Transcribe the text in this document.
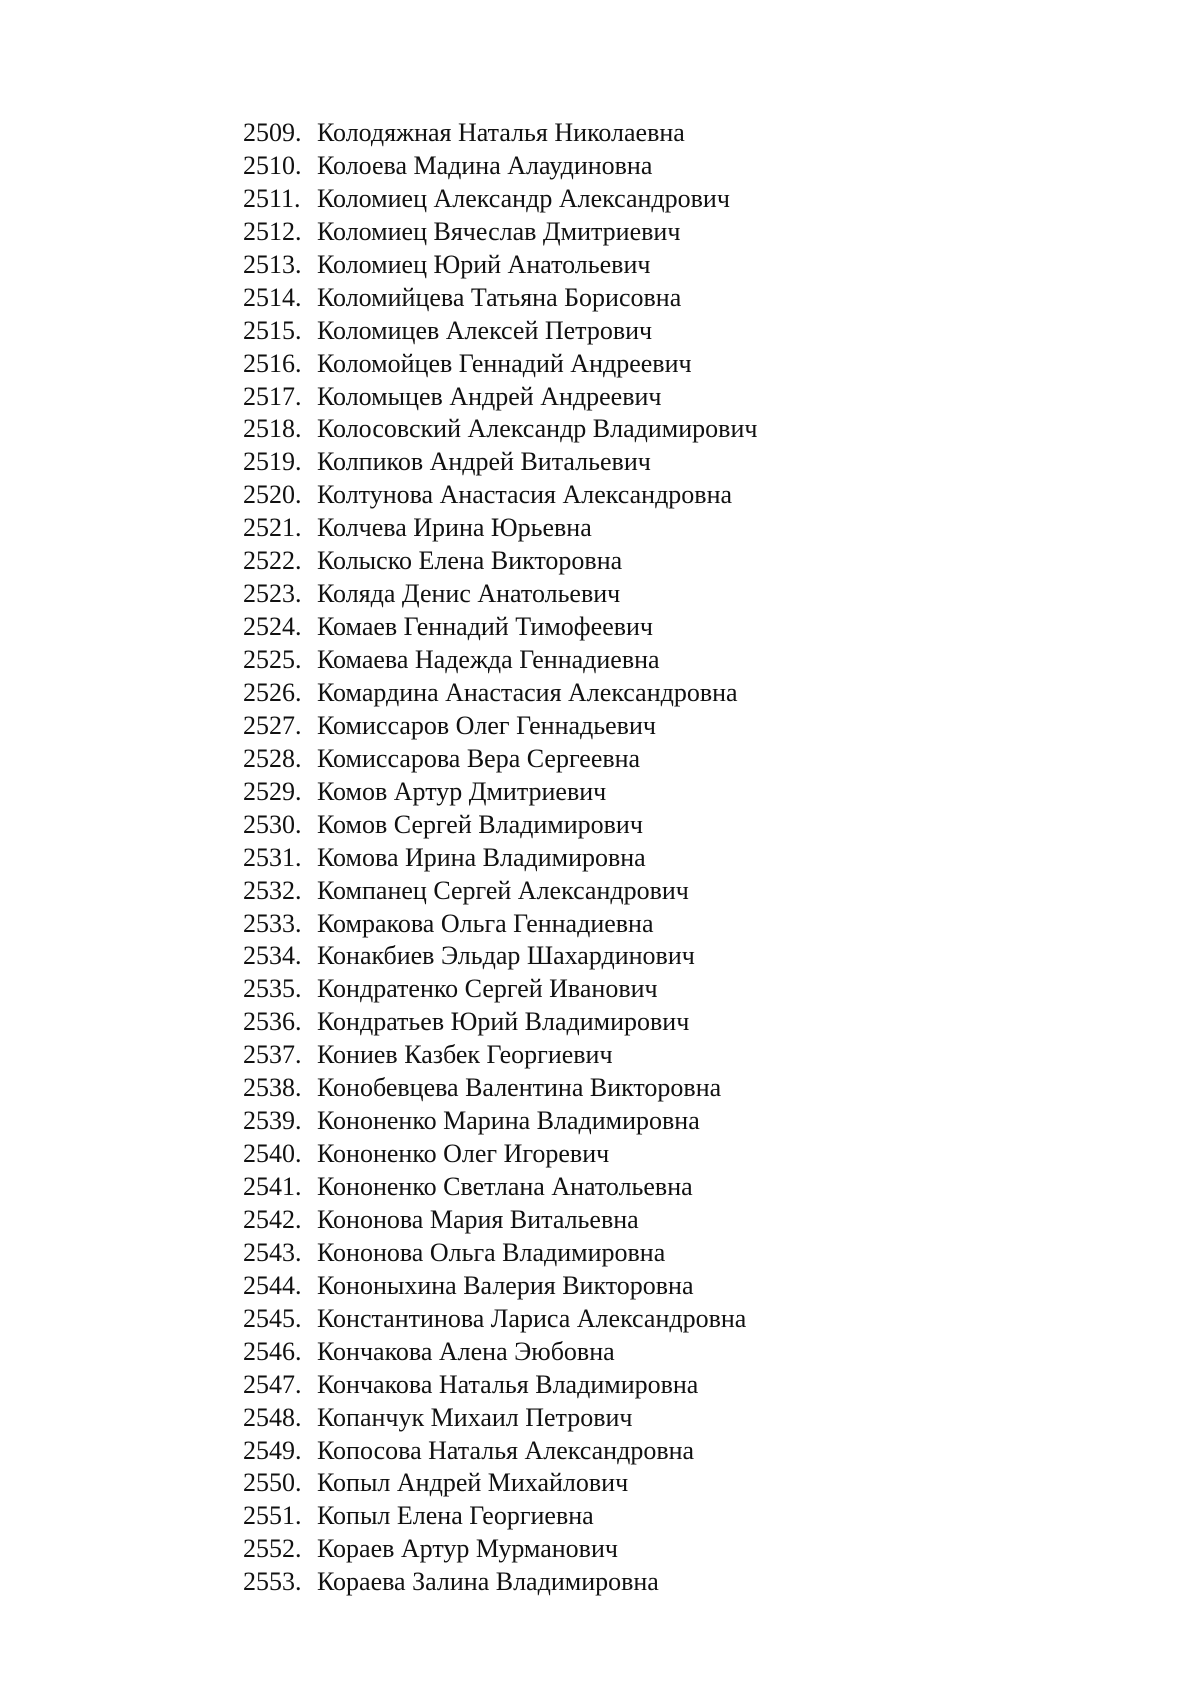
2509. Колодяжная Наталья Николаевна
2510. Колоева Мадина Алаудиновна
2511. Коломиец Александр Александрович
2512. Коломиец Вячеслав Дмитриевич
2513. Коломиец Юрий Анатольевич
2514. Коломийцева Татьяна Борисовна
2515. Коломицев Алексей Петрович
2516. Коломойцев Геннадий Андреевич
2517. Коломыцев Андрей Андреевич
2518. Колосовский Александр Владимирович
2519. Колпиков Андрей Витальевич
2520. Колтунова Анастасия Александровна
2521. Колчева Ирина Юрьевна
2522. Колыско Елена Викторовна
2523. Коляда Денис Анатольевич
2524. Комаев Геннадий Тимофеевич
2525. Комаева Надежда Геннадиевна
2526. Комардина Анастасия Александровна
2527. Комиссаров Олег Геннадьевич
2528. Комиссарова Вера Сергеевна
2529. Комов Артур Дмитриевич
2530. Комов Сергей Владимирович
2531. Комова Ирина Владимировна
2532. Компанец Сергей Александрович
2533. Комракова Ольга Геннадиевна
2534. Конакбиев Эльдар Шахардинович
2535. Кондратенко Сергей Иванович
2536. Кондратьев Юрий Владимирович
2537. Кониев Казбек Георгиевич
2538. Конобевцева Валентина Викторовна
2539. Кононенко Марина Владимировна
2540. Кононенко Олег Игоревич
2541. Кононенко Светлана Анатольевна
2542. Кононова Мария Витальевна
2543. Кононова Ольга Владимировна
2544. Кононыхина Валерия Викторовна
2545. Константинова Лариса Александровна
2546. Кончакова Алена Эюбовна
2547. Кончакова Наталья Владимировна
2548. Копанчук Михаил Петрович
2549. Копосова Наталья Александровна
2550. Копыл Андрей Михайлович
2551. Копыл Елена Георгиевна
2552. Кораев Артур Мурманович
2553. Кораева Залина Владимировна
